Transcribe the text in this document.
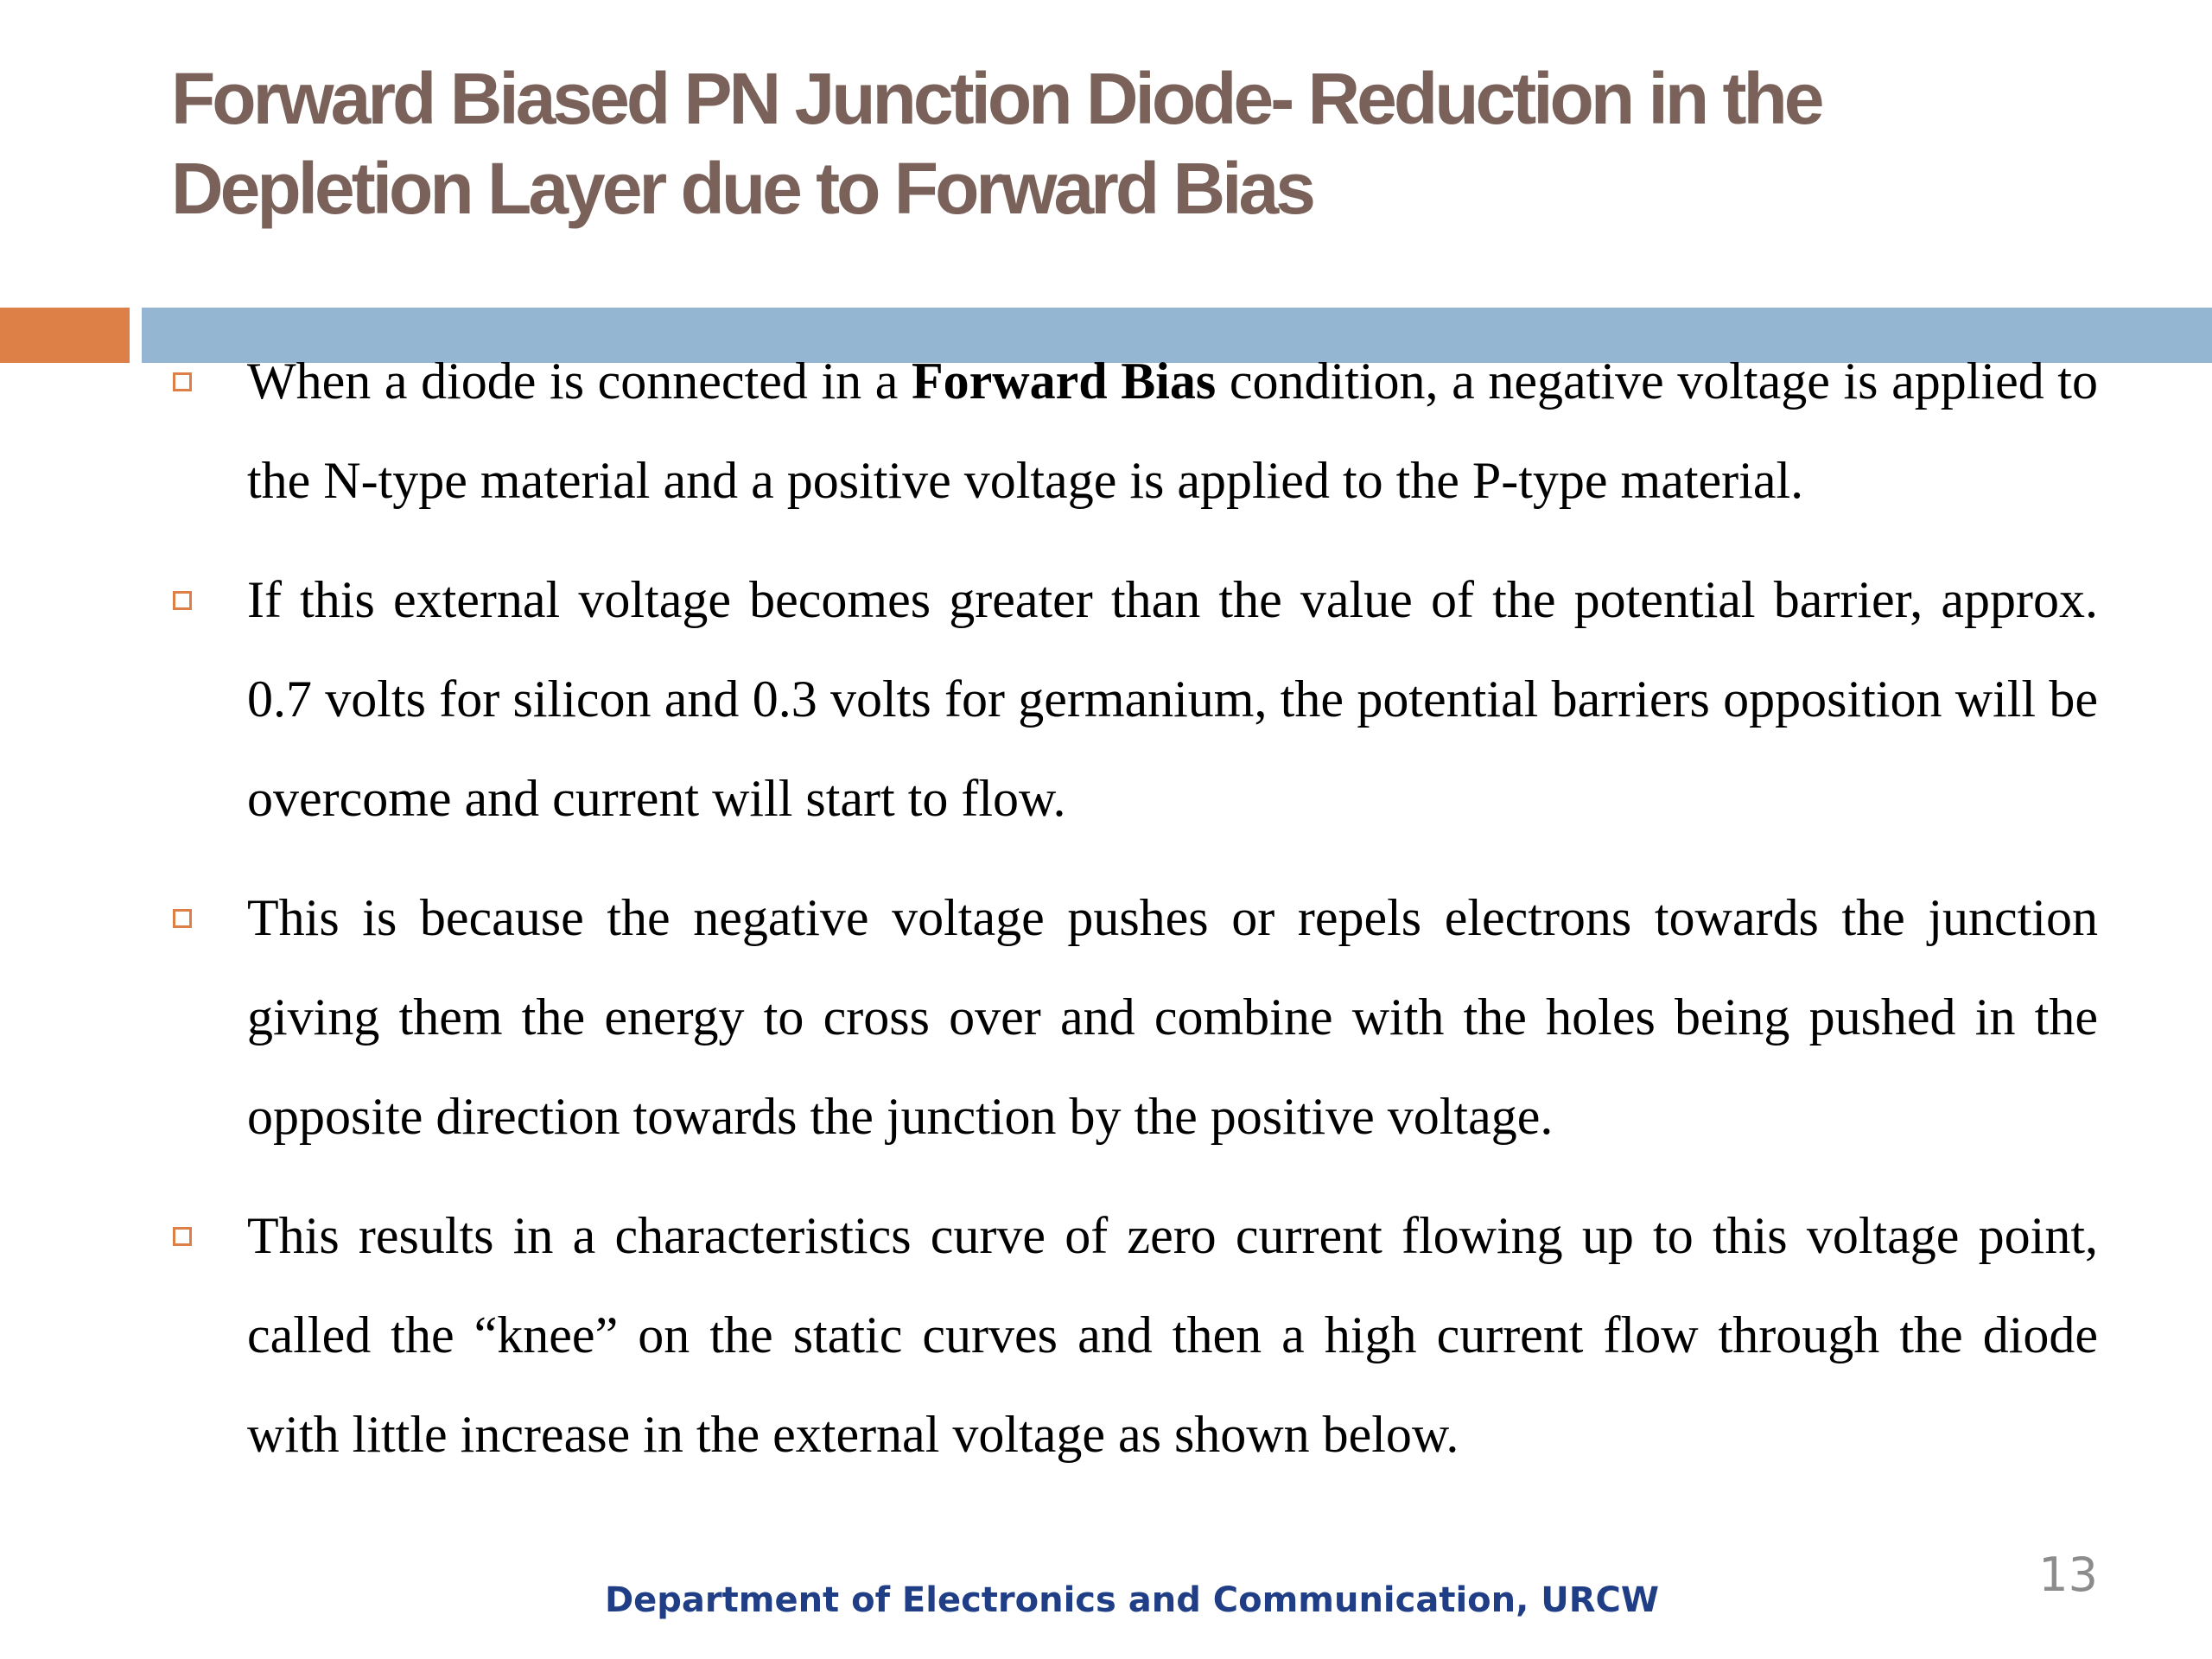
Forward Biased PN Junction Diode- Reduction in the Depletion Layer due to Forward Bias
When a diode is connected in a Forward Bias condition, a negative voltage is applied to the N-type material and a positive voltage is applied to the P-type material.
If this external voltage becomes greater than the value of the potential barrier, approx. 0.7 volts for silicon and 0.3 volts for germanium, the potential barriers opposition will be overcome and current will start to flow.
This is because the negative voltage pushes or repels electrons towards the junction giving them the energy to cross over and combine with the holes being pushed in the opposite direction towards the junction by the positive voltage.
This results in a characteristics curve of zero current flowing up to this voltage point, called the “knee” on the static curves and then a high current flow through the diode with little increase in the external voltage as shown below.
Department of Electronics and Communication, URCW	13
